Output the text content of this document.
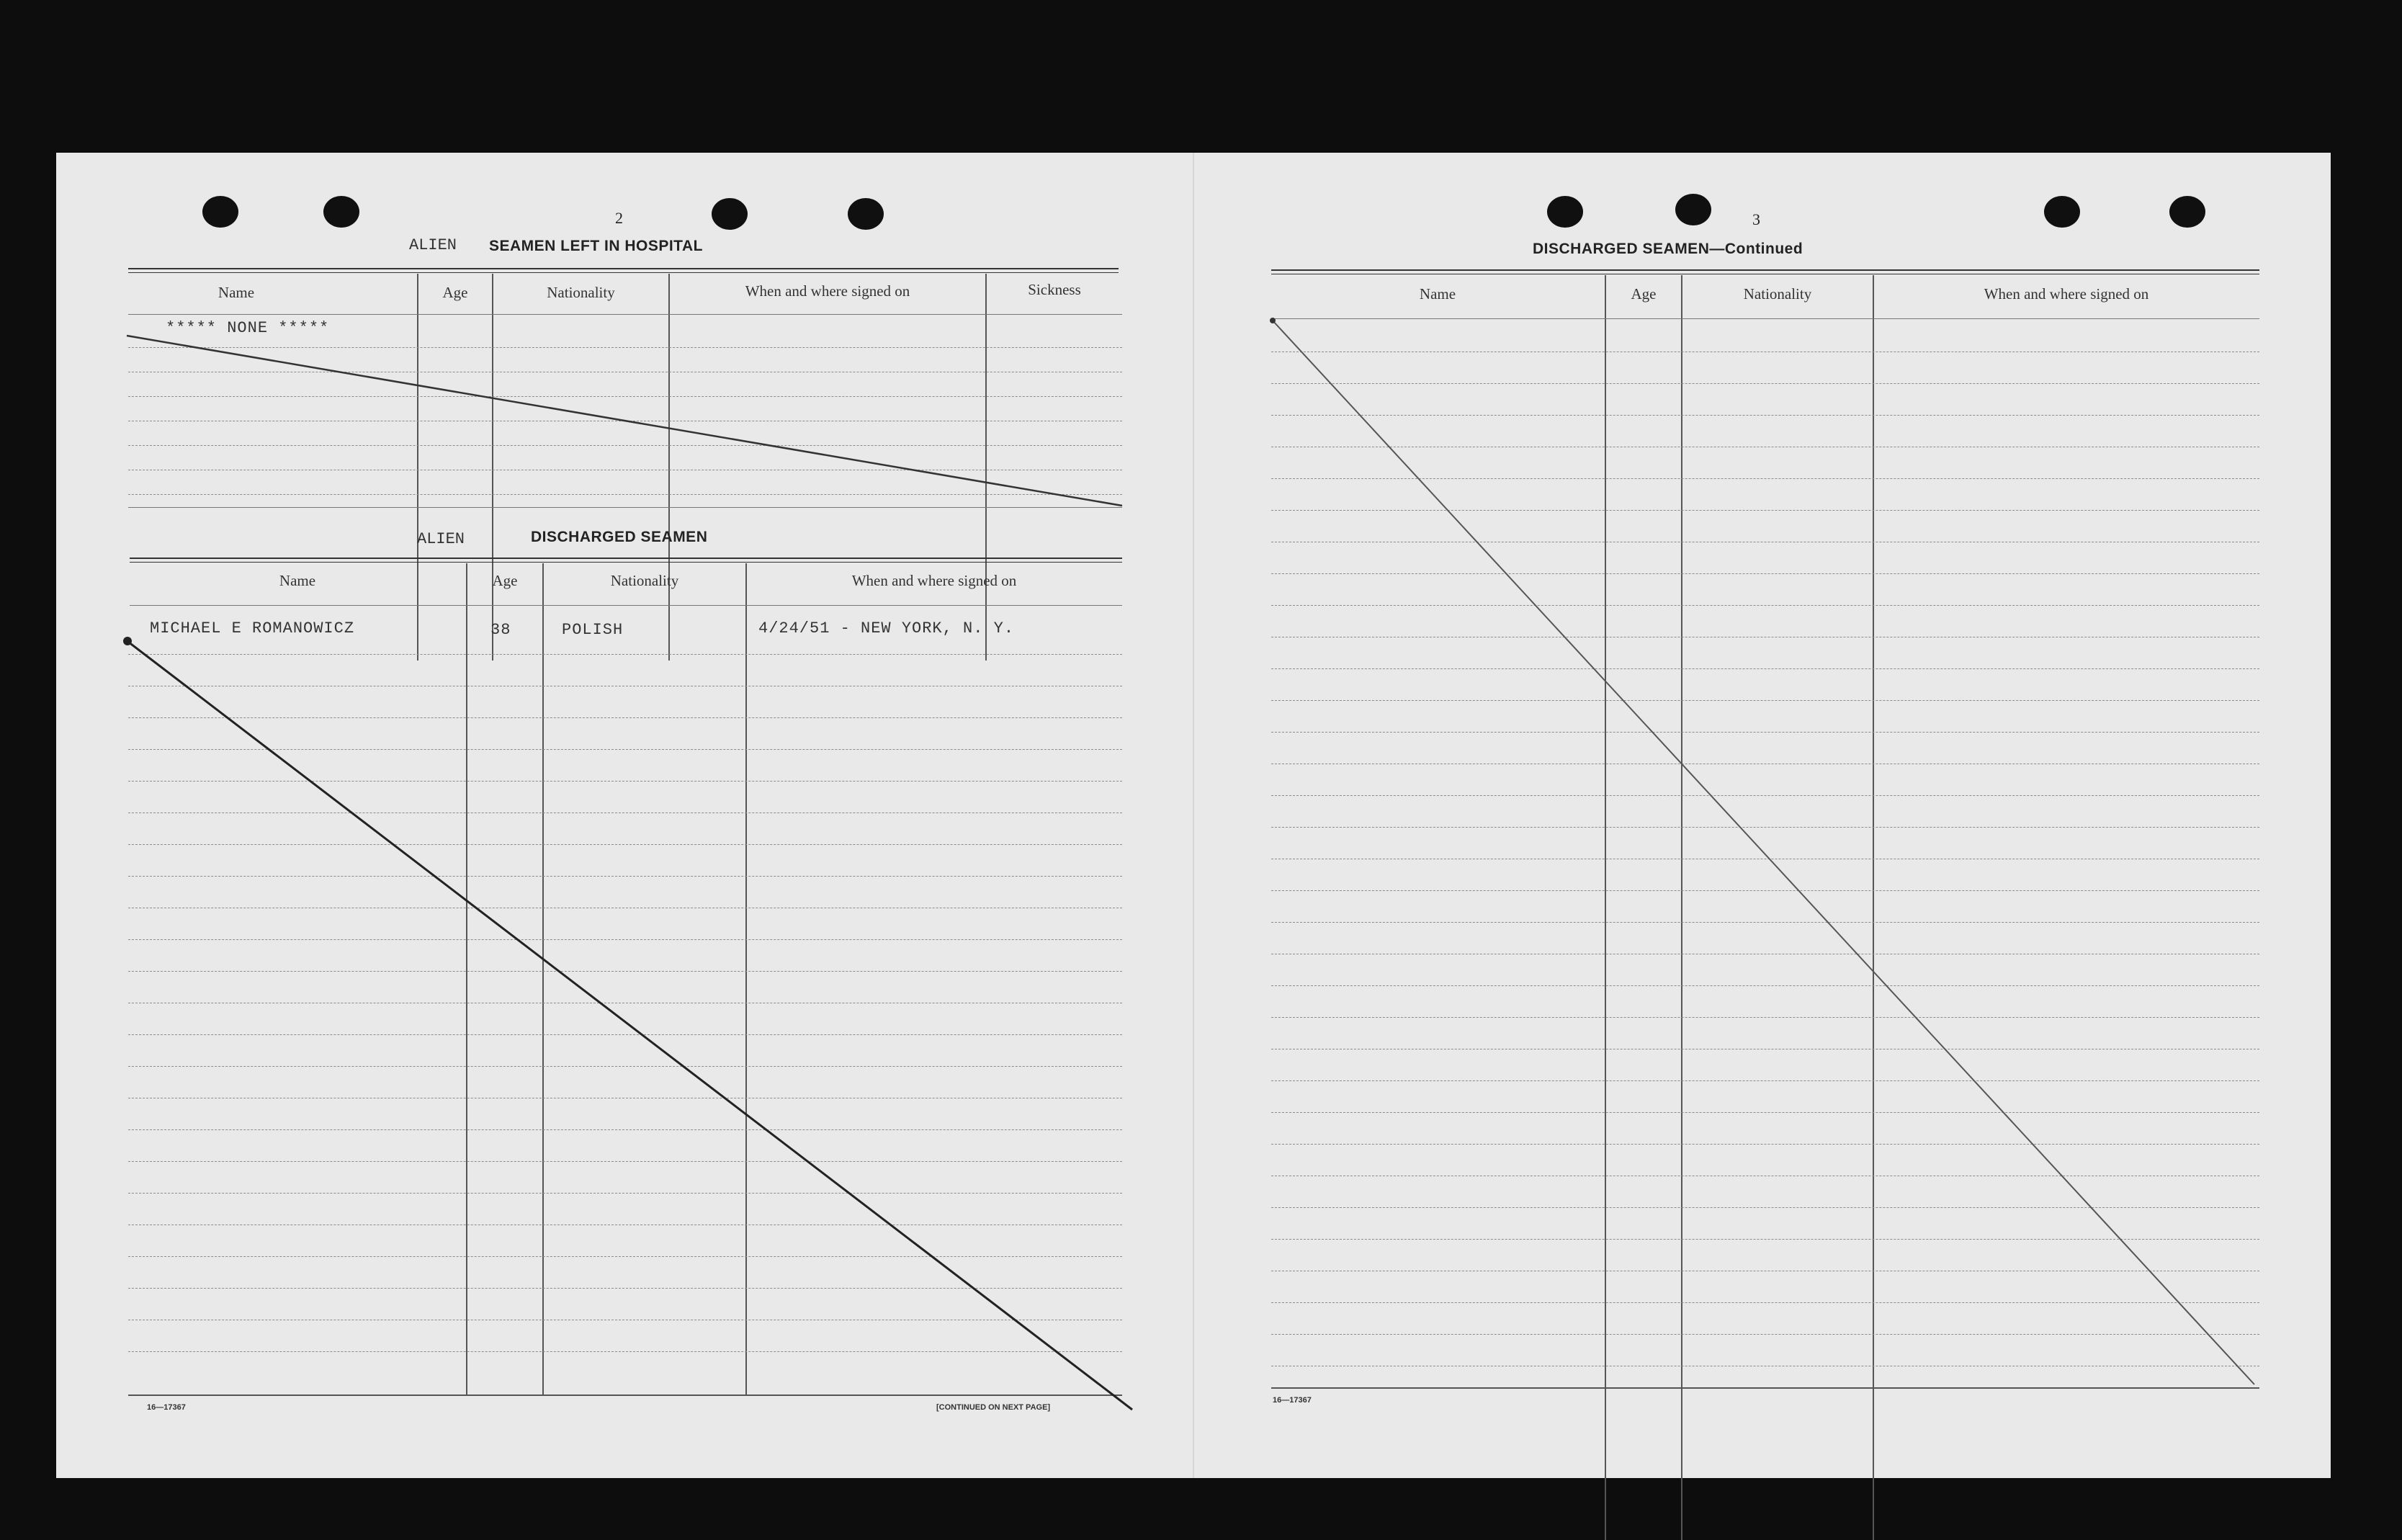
2
ALIEN SEAMEN LEFT IN HOSPITAL
Name	Age	Nationality	When and where signed on	Sickness
***** NONE *****
ALIEN	DISCHARGED SEAMEN
Name	Age	Nationality	When and where signed on
MICHAEL E ROMANOWICZ	38	POLISH	4/24/51 - NEW YORK, N. Y.
16—17367	[CONTINUED ON NEXT PAGE]
3
DISCHARGED SEAMEN—Continued
Name	Age	Nationality	When and where signed on
16—17367
